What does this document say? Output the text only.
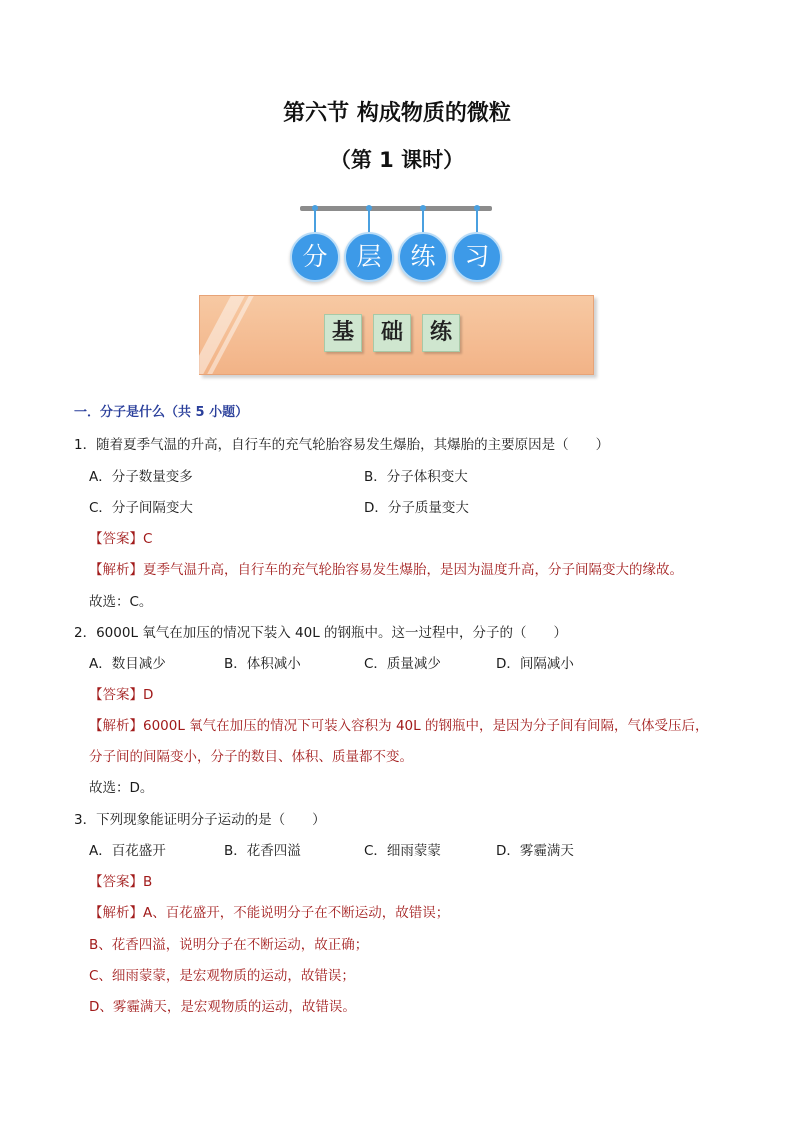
第六节 构成物质的微粒
（第 1 课时）
分	层	练	习
基	础	练
一．分子是什么（共 5 小题）
1．随着夏季气温的升高，自行车的充气轮胎容易发生爆胎，其爆胎的主要原因是（　　）
A．分子数量变多	B．分子体积变大
C．分子间隔变大	D．分子质量变大
【答案】C
【解析】夏季气温升高，自行车的充气轮胎容易发生爆胎，是因为温度升高，分子间隔变大的缘故。
故选：C。
2．6000L 氧气在加压的情况下装入 40L 的钢瓶中。这一过程中，分子的（　　）
A．数目减少	B．体积减小	C．质量减少	D．间隔减小
【答案】D
【解析】6000L 氧气在加压的情况下可装入容积为 40L 的钢瓶中，是因为分子间有间隔，气体受压后，
分子间的间隔变小，分子的数目、体积、质量都不变。
故选：D。
3．下列现象能证明分子运动的是（　　）
A．百花盛开	B．花香四溢	C．细雨蒙蒙	D．雾霾满天
【答案】B
【解析】A、百花盛开，不能说明分子在不断运动，故错误；
B、花香四溢，说明分子在不断运动，故正确；
C、细雨蒙蒙，是宏观物质的运动，故错误；
D、雾霾满天，是宏观物质的运动，故错误。
